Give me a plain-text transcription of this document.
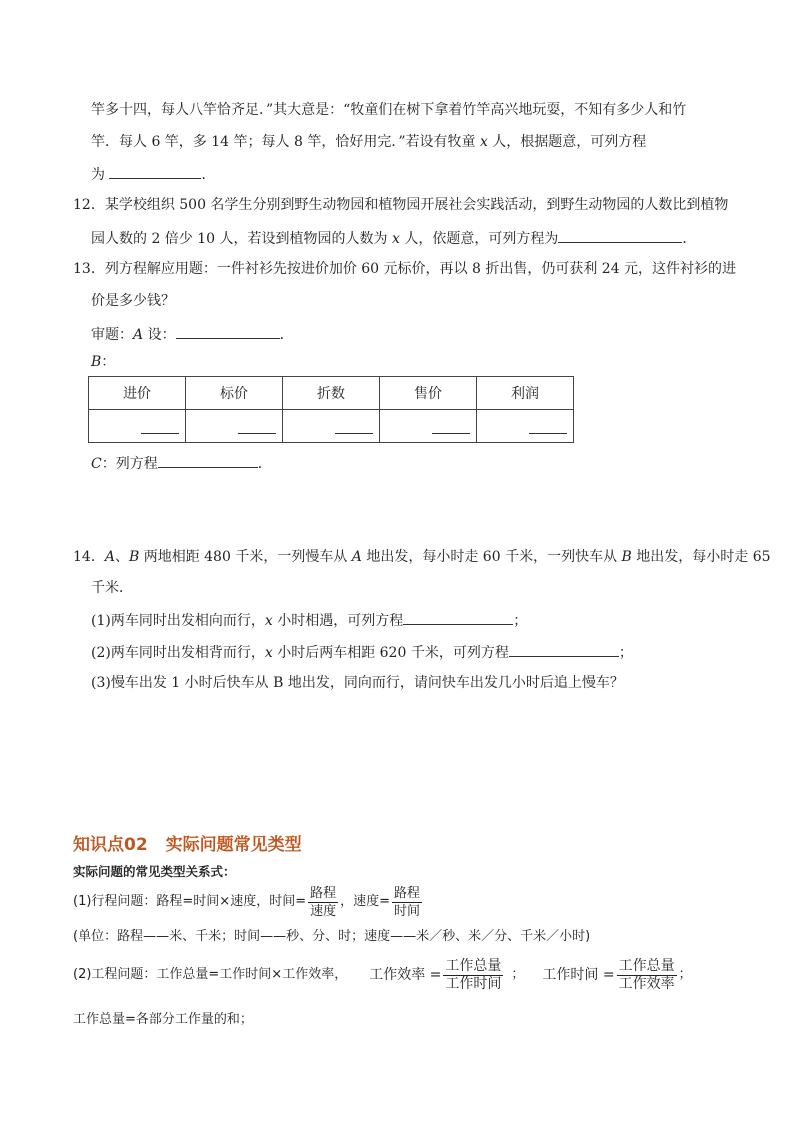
竿多十四，每人八竿恰齐足．”其大意是：“牧童们在树下拿着竹竿高兴地玩耍，不知有多少人和竹
竿．每人 6 竿，多 14 竿；每人 8 竿，恰好用完．”若设有牧童 x 人，根据题意，可列方程
为	．
12．某学校组织 500 名学生分别到野生动物园和植物园开展社会实践活动，到野生动物园的人数比到植物
园人数的 2 倍少 10 人，若设到植物园的人数为 x 人，依题意，可列方程为	．
13．列方程解应用题：一件衬衫先按进价加价 60 元标价，再以 8 折出售，仍可获利 24 元，这件衬衫的进
价是多少钱？
审题：A 设：	．
B：
进价	标价	折数	售价	利润

C：列方程	．
14．A、B 两地相距 480 千米，一列慢车从 A 地出发，每小时走 60 千米，一列快车从 B 地出发，每小时走 65
千米．
(1)两车同时出发相向而行，x 小时相遇，可列方程	；
(2)两车同时出发相背而行，x 小时后两车相距 620 千米，可列方程	；
(3)慢车出发 1 小时后快车从 B 地出发，同向而行，请问快车出发几小时后追上慢车？
知识点02 实际问题常见类型
实际问题的常见类型关系式：
(1)行程问题：路程=时间×速度，时间= $\frac{\text{路程}}{\text{速度}}$ ，速度= $\frac{\text{路程}}{\text{时间}}$
(单位：路程——米、千米；时间——秒、分、时；速度——米／秒、米／分、千米／小时)
(2)工程问题：工作总量=工作时间×工作效率， 工作效率 = $\frac{\text{工作总量}}{\text{工作时间}}$ ； 工作时间 = $\frac{\text{工作总量}}{\text{工作效率}}$ ；
工作总量=各部分工作量的和；
